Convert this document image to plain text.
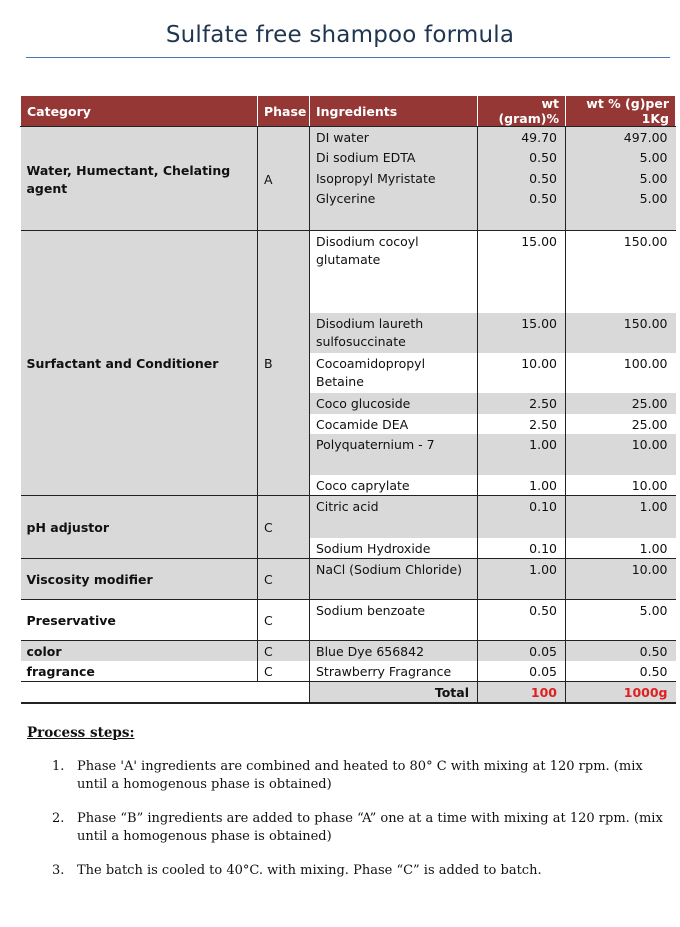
Sulfate free shampoo formula
Category	Phase	Ingredients	wt (gram)%	wt % (g)per 1Kg
Water, Humectant, Chelating agent	A	DI water	49.70	497.00
		Di sodium EDTA	0.50	5.00
		Isopropyl Myristate	0.50	5.00
		Glycerine	0.50	5.00

Surfactant and Conditioner	B	Disodium cocoyl glutamate	15.00	150.00

		Disodium laureth sulfosuccinate	15.00	150.00
		Cocoamidopropyl Betaine	10.00	100.00
		Coco glucoside	2.50	25.00
		Cocamide DEA	2.50	25.00
		Polyquaternium - 7	1.00	10.00

		Coco caprylate	1.00	10.00
pH adjustor	C	Citric acid	0.10	1.00

		Sodium Hydroxide	0.10	1.00
Viscosity modifier	C	NaCl (Sodium Chloride)	1.00	10.00

Preservative	C	Sodium benzoate	0.50	5.00

color	C	Blue Dye 656842	0.05	0.50
fragrance	C	Strawberry Fragrance	0.05	0.50
		Total	100	1000g
Process steps:
1. Phase 'A' ingredients are combined and heated to 80° C with mixing at 120 rpm. (mix until a homogenous phase is obtained)
2. Phase “B” ingredients are added to phase “A” one at a time with mixing at 120 rpm. (mix until a homogenous phase is obtained)
3. The batch is cooled to 40°C. with mixing. Phase “C” is added to batch.
